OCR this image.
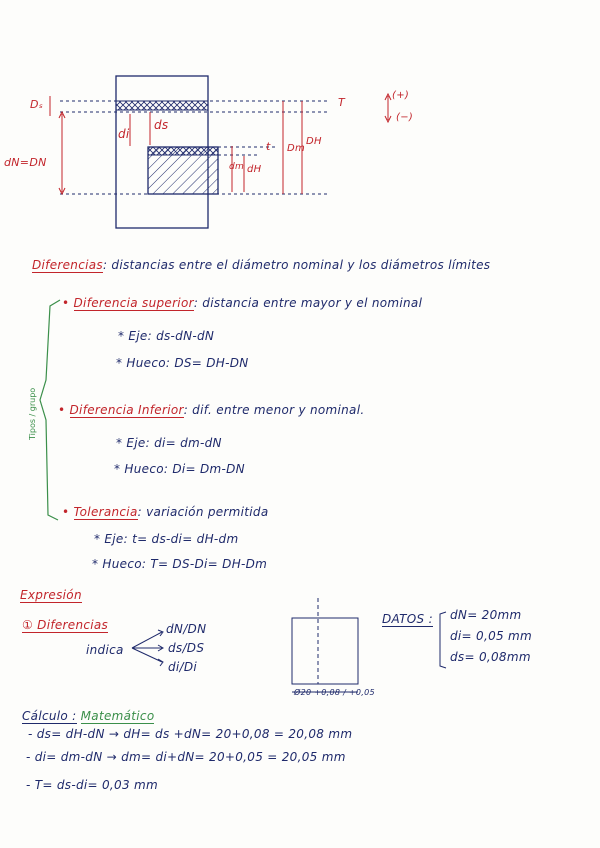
Dₛ
dN=DN
di
ds
T
t
dm dH
Dm
DH
(+)
(−)
Diferencias: distancias entre el diámetro nominal y los diámetros límites
Tipos / grupo
• Diferencia superior: distancia entre mayor y el nominal
* Eje: ds-dN-dN
* Hueco: DS= DH-DN
• Diferencia Inferior: dif. entre menor y nominal.
* Eje: di= dm-dN
* Hueco: Di= Dm-DN
• Tolerancia: variación permitida
* Eje: t= ds-di= dH-dm
* Hueco: T= DS-Di= DH-Dm
Expresión
① Diferencias
indica
dN/DN
ds/DS
di/Di
Ø20 +0,08 / +0,05
DATOS : dN= 20mm
di= 0,05 mm
ds= 0,08mm
Cálculo : Matemático
- ds= dH-dN → dH= ds +dN= 20+0,08 = 20,08 mm
- di= dm-dN → dm= di+dN= 20+0,05 = 20,05 mm
- T= ds-di= 0,03 mm
